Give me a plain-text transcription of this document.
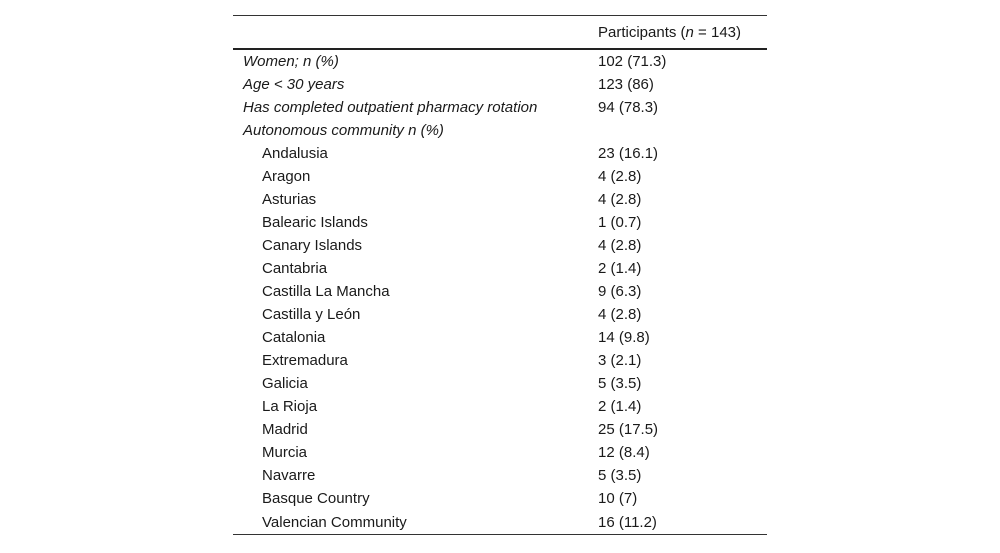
	Participants (n = 143)
Women; n (%)	102 (71.3)
Age < 30 years	123 (86)
Has completed outpatient pharmacy rotation	94 (78.3)
Autonomous community n (%)	
Andalusia	23 (16.1)
Aragon	4 (2.8)
Asturias	4 (2.8)
Balearic Islands	1 (0.7)
Canary Islands	4 (2.8)
Cantabria	2 (1.4)
Castilla La Mancha	9 (6.3)
Castilla y León	4 (2.8)
Catalonia	14 (9.8)
Extremadura	3 (2.1)
Galicia	5 (3.5)
La Rioja	2 (1.4)
Madrid	25 (17.5)
Murcia	12 (8.4)
Navarre	5 (3.5)
Basque Country	10 (7)
Valencian Community	16 (11.2)
